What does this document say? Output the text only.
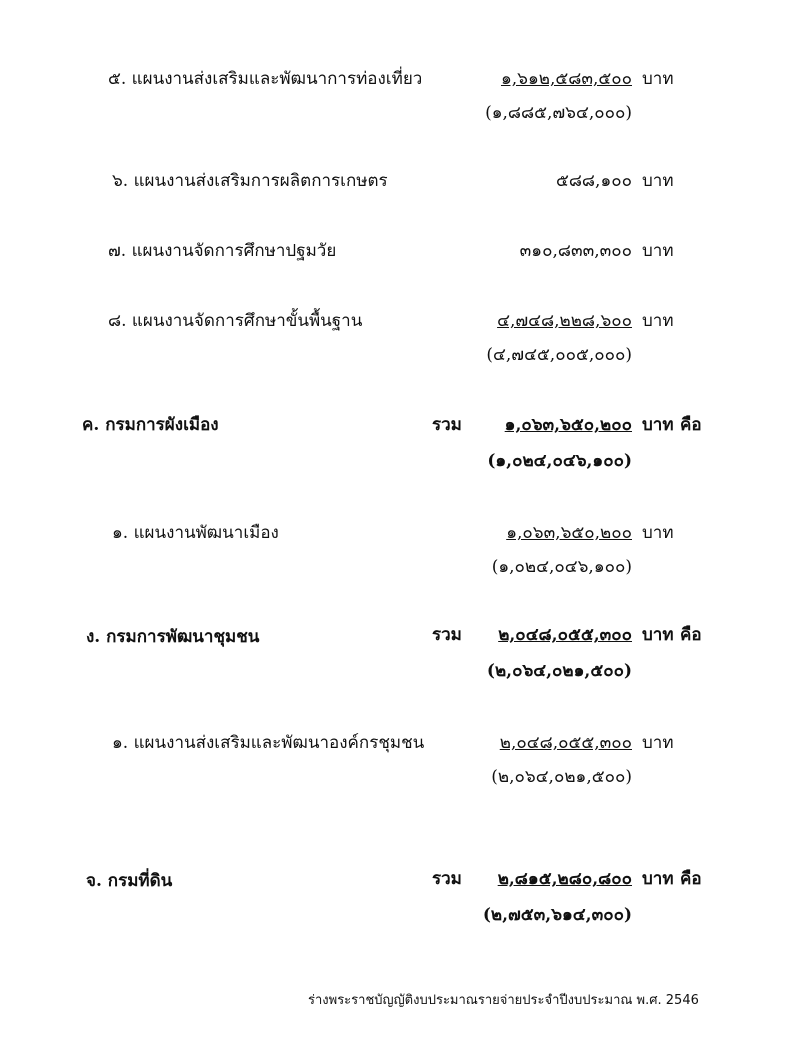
๕. แผนงานส่งเสริมและพัฒนาการท่องเที่ยว	๑,๖๑๒,๕๘๓,๕๐๐ บาท
(๑,๘๘๕,๗๖๔,๐๐๐)
๖. แผนงานส่งเสริมการผลิตการเกษตร	๕๘๘,๑๐๐ บาท
๗. แผนงานจัดการศึกษาปฐมวัย	๓๑๐,๘๓๓,๓๐๐ บาท
๘. แผนงานจัดการศึกษาขั้นพื้นฐาน	๔,๗๔๘,๒๒๘,๖๐๐ บาท
(๔,๗๔๕,๐๐๕,๐๐๐)
ค. กรมการผังเมือง	รวม	๑,๐๖๓,๖๕๐,๒๐๐ บาท คือ
(๑,๐๒๔,๐๔๖,๑๐๐)
๑. แผนงานพัฒนาเมือง	๑,๐๖๓,๖๕๐,๒๐๐ บาท
(๑,๐๒๔,๐๔๖,๑๐๐)
ง. กรมการพัฒนาชุมชน	รวม	๒,๐๔๘,๐๕๕,๓๐๐ บาท คือ
(๒,๐๖๔,๐๒๑,๕๐๐)
๑. แผนงานส่งเสริมและพัฒนาองค์กรชุมชน	๒,๐๔๘,๐๕๕,๓๐๐ บาท
(๒,๐๖๔,๐๒๑,๕๐๐)
จ. กรมที่ดิน	รวม	๒,๘๑๕,๒๘๐,๘๐๐ บาท คือ
(๒,๗๕๓,๖๑๔,๓๐๐)
ร่างพระราชบัญญัติงบประมาณรายจ่ายประจำปีงบประมาณ พ.ศ. 2546
